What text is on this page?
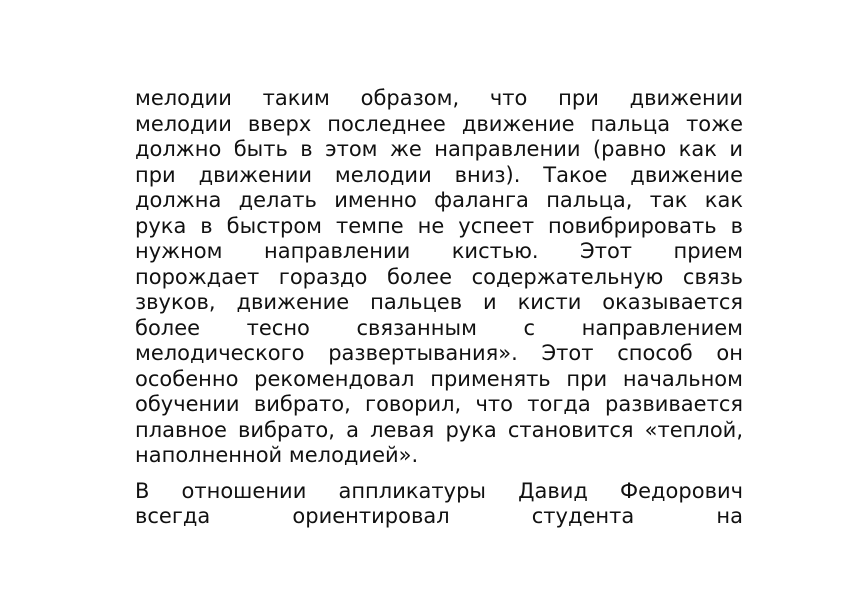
мелодии таким образом, что при движении
мелодии вверх последнее движение пальца тоже
должно быть в этом же направлении (равно как и
при движении мелодии вниз). Такое движение
должна делать именно фаланга пальца, так как
рука в быстром темпе не успеет повибрировать в
нужном направлении кистью. Этот прием
порождает гораздо более содержательную связь
звуков, движение пальцев и кисти оказывается
более тесно связанным с направлением
мелодического развертывания». Этот способ он
особенно рекомендовал применять при начальном
обучении вибрато, говорил, что тогда развивается
плавное вибрато, а левая рука становится «теплой,
наполненной мелодией».
В отношении аппликатуры Давид Федорович
всегда ориентировал студента на
